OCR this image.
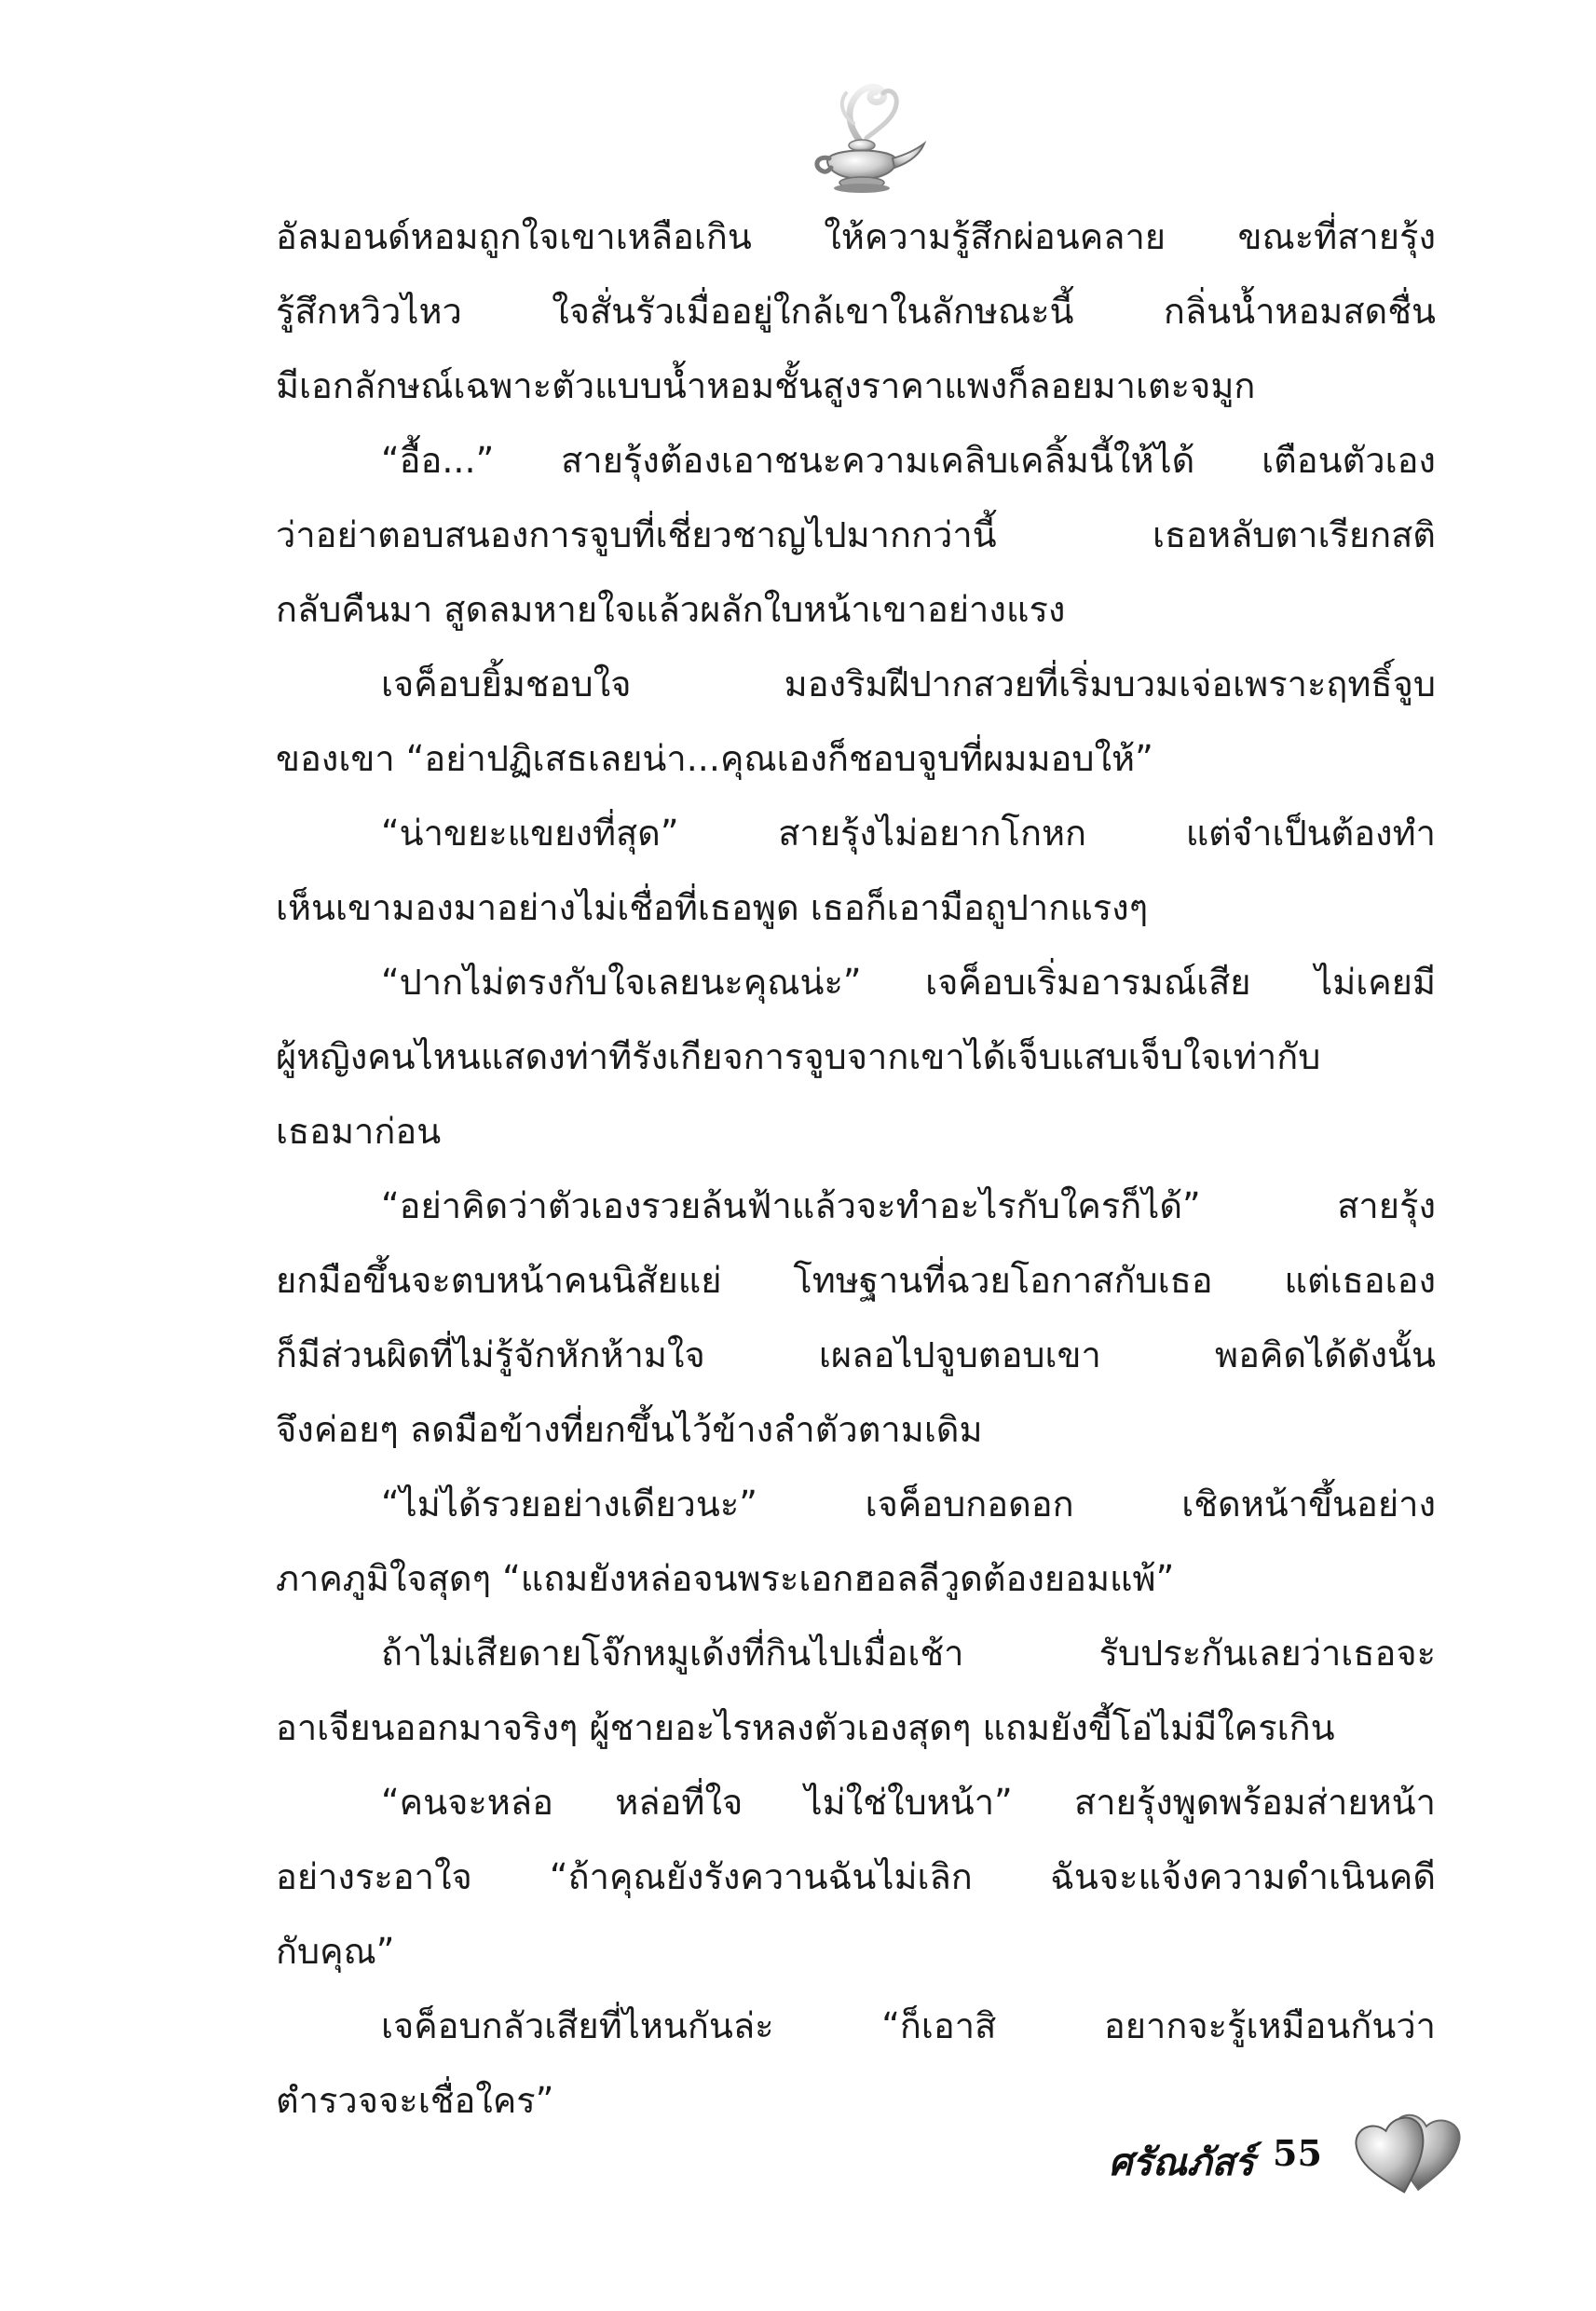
อัลมอนด์หอมถูกใจเขาเหลือเกิน ให้ความรู้สึกผ่อนคลาย ขณะที่สายรุ้ง
รู้สึกหวิวไหว ใจสั่นรัวเมื่ออยู่ใกล้เขาในลักษณะนี้ กลิ่นน้ำหอมสดชื่น
มีเอกลักษณ์เฉพาะตัวแบบน้ำหอมชั้นสูงราคาแพงก็ลอยมาเตะจมูก
“อื้อ...” สายรุ้งต้องเอาชนะความเคลิบเคลิ้มนี้ให้ได้ เตือนตัวเอง
ว่าอย่าตอบสนองการจูบที่เชี่ยวชาญไปมากกว่านี้ เธอหลับตาเรียกสติ
กลับคืนมา สูดลมหายใจแล้วผลักใบหน้าเขาอย่างแรง
เจค็อบยิ้มชอบใจ มองริมฝีปากสวยที่เริ่มบวมเจ่อเพราะฤทธิ์จูบ
ของเขา “อย่าปฏิเสธเลยน่า...คุณเองก็ชอบจูบที่ผมมอบให้”
“น่าขยะแขยงที่สุด” สายรุ้งไม่อยากโกหก แต่จำเป็นต้องทำ
เห็นเขามองมาอย่างไม่เชื่อที่เธอพูด เธอก็เอามือถูปากแรงๆ
“ปากไม่ตรงกับใจเลยนะคุณน่ะ” เจค็อบเริ่มอารมณ์เสีย ไม่เคยมี
ผู้หญิงคนไหนแสดงท่าทีรังเกียจการจูบจากเขาได้เจ็บแสบเจ็บใจเท่ากับ
เธอมาก่อน
“อย่าคิดว่าตัวเองรวยล้นฟ้าแล้วจะทำอะไรกับใครก็ได้” สายรุ้ง
ยกมือขึ้นจะตบหน้าคนนิสัยแย่ โทษฐานที่ฉวยโอกาสกับเธอ แต่เธอเอง
ก็มีส่วนผิดที่ไม่รู้จักหักห้ามใจ เผลอไปจูบตอบเขา พอคิดได้ดังนั้น
จึงค่อยๆ ลดมือข้างที่ยกขึ้นไว้ข้างลำตัวตามเดิม
“ไม่ได้รวยอย่างเดียวนะ” เจค็อบกอดอก เชิดหน้าขึ้นอย่าง
ภาคภูมิใจสุดๆ “แถมยังหล่อจนพระเอกฮอลลีวูดต้องยอมแพ้”
ถ้าไม่เสียดายโจ๊กหมูเด้งที่กินไปเมื่อเช้า รับประกันเลยว่าเธอจะ
อาเจียนออกมาจริงๆ ผู้ชายอะไรหลงตัวเองสุดๆ แถมยังขี้โอ่ไม่มีใครเกิน
“คนจะหล่อ หล่อที่ใจ ไม่ใช่ใบหน้า” สายรุ้งพูดพร้อมส่ายหน้า
อย่างระอาใจ “ถ้าคุณยังรังควานฉันไม่เลิก ฉันจะแจ้งความดำเนินคดี
กับคุณ”
เจค็อบกลัวเสียที่ไหนกันล่ะ “ก็เอาสิ อยากจะรู้เหมือนกันว่า
ตำรวจจะเชื่อใคร”
ศรัณภัสร์ 55
